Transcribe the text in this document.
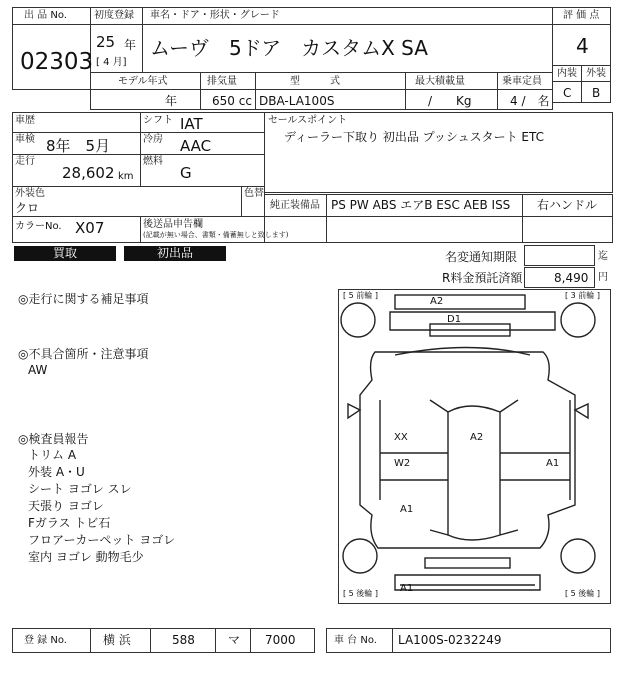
出 品 No.
02303
初度登録
25 年
[ 4 月]
車名・ドア・形状・グレード
ムーヴ　5ドア　カスタムX SA
評 価 点
4
内装 外装
C B
モデル年式
年
排気量
650 cc
型　　　式
DBA-LA100S
最大積載量
/　　Kg
乗車定員
4 /　名
車歴
車検 8年　5月
走行
28,602 km
シフト IAT
冷房 AAC
燃料
G
セールスポイント
ディーラー下取り 初出品 プッシュスタート ETC
外装色
クロ
色替
純正装備品 PS PW ABS エアB ESC AEB ISS 右ハンドル
カラーNo. X07	後送品申告欄
(記載が無い場合、書類・備蓄無しと致します)
買取	初出品	名変通知期限	迄
R料金預託済額	8,490 円
◎走行に関する補足事項
◎不具合箇所・注意事項
AW
◎検査員報告
トリム A
外装 A・U
シート ヨゴレ スレ
天張り ヨゴレ
Fガラス トビ石
フロアーカーペット ヨゴレ
室内 ヨゴレ 動物毛少
[ 5 前輪 ]	[ 3 前輪 ]
[ 5 後輪 ]	[ 5 後輪 ]
A2
D1
XX	A2
W2	A1
A1
A1
登 録 No.	横 浜	588	マ 7000	車 台 No. LA100S-0232249
